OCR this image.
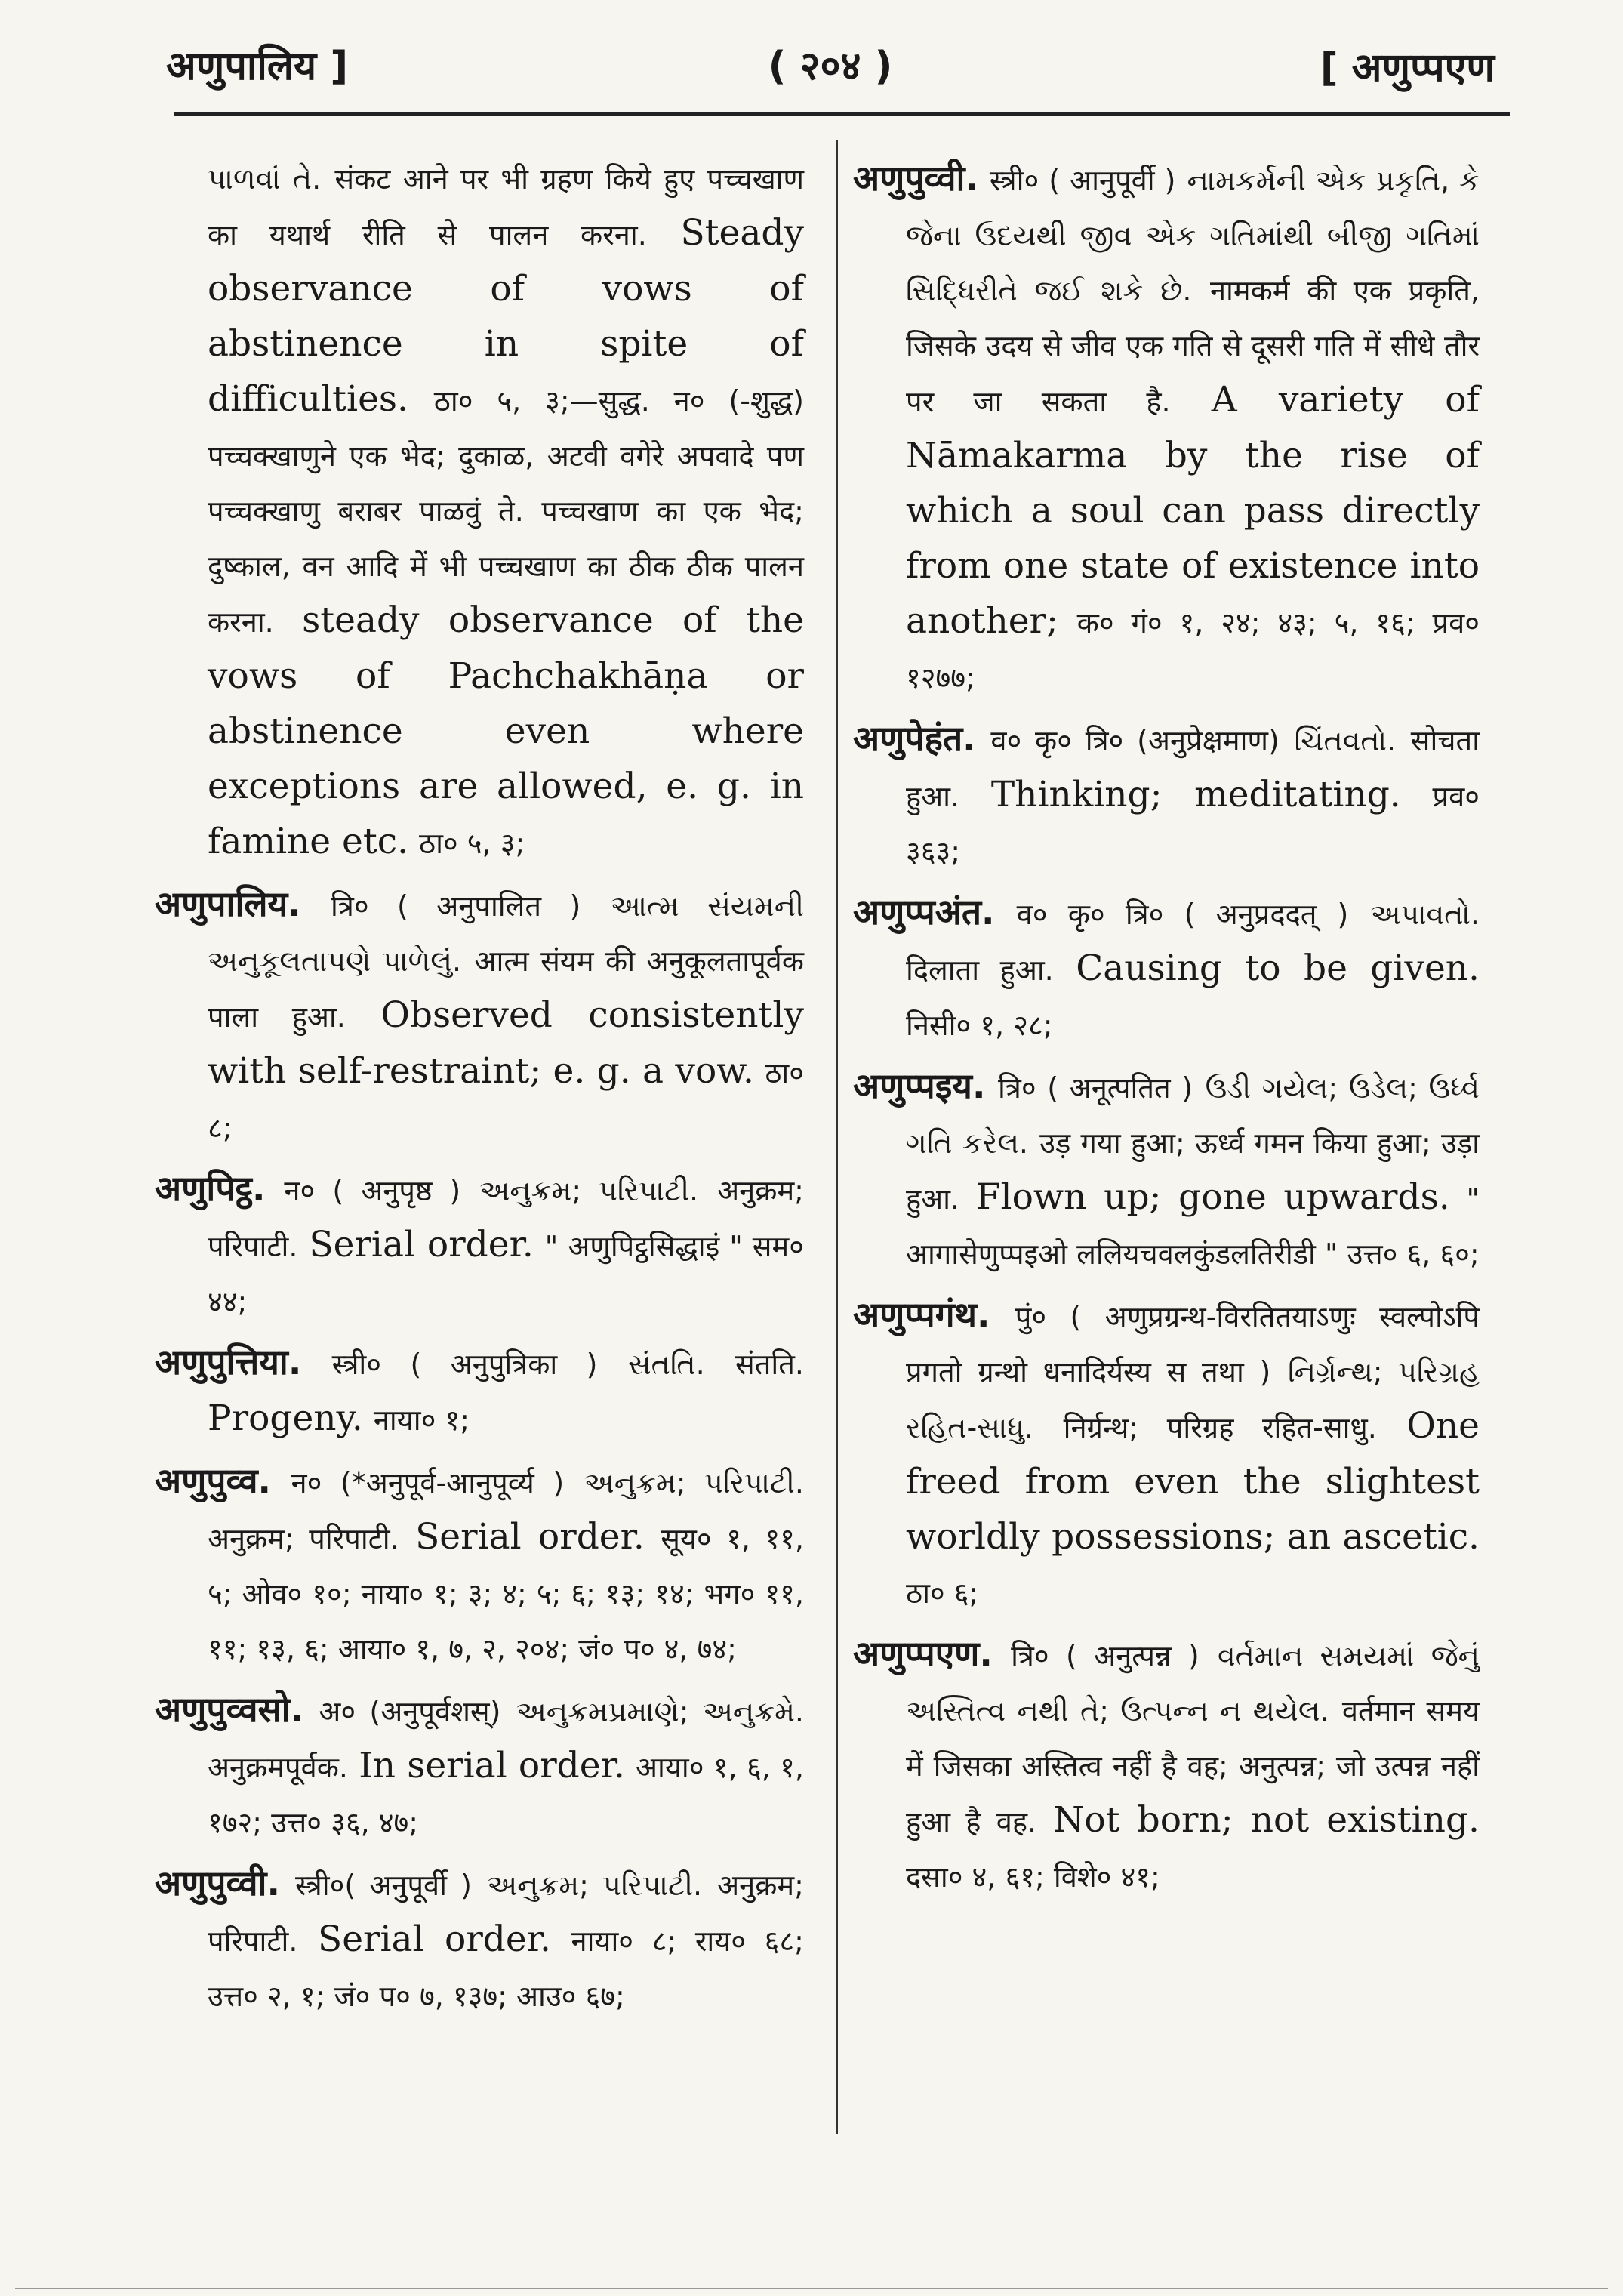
अणुपालिय ]	( २०४ )	[ अणुप्पएण
પાળવાં તે. संकट आने पर भी ग्रहण किये हुए पच्चखाण का यथार्थ रीति से पालन करना. Steady observance of vows of abstinence in spite of difficulties. ठा० ५, ३;—सुद्ध. न० (-शुद्ध) पच्चक्खाणुने एक भेद; दुकाळ, अटवी वगेरे अपवादे पण पच्चक्खाणु बराबर पाळवुं ते. पच्चखाण का एक भेद; दुष्काल, वन आदि में भी पच्चखाण का ठीक ठीक पालन करना. steady observance of the vows of Pachchakhāṇa or abstinence even where exceptions are allowed, e. g. in famine etc. ठा० ५, ३;
अणुपालिय. त्रि० ( अनुपालित ) આત્મ સંયમની અનુકૂલતાપણે પાળેલું. आत्म संयम की अनुकूलतापूर्वक पाला हुआ. Observed consistently with self-restraint; e. g. a vow. ठा० ८;
अणुपिट्ठ. न० ( अनुपृष्ठ ) અનુક્રમ; પરિપાટી. अनुक्रम; परिपाटी. Serial order. " अणुपिट्ठसिद्धाइं " सम० ४४;
अणुपुत्तिया. स्त्री० ( अनुपुत्रिका ) સંતતિ. संतति. Progeny. नाया० १;
अणुपुव्व. न० (*अनुपूर्व-आनुपूर्व्य ) અનુક્રમ; પરિપાટી. अनुक्रम; परिपाटी. Serial order. सूय० १, ११, ५; ओव० १०; नाया० १; ३; ४; ५; ६; १३; १४; भग० ११, ११; १३, ६; आया० १, ७, २, २०४; जं० प० ४, ७४;
अणुपुव्वसो. अ० (अनुपूर्वशस्) અનુક્રમપ્રમાણે; અનુક્રમે. अनुक्रमपूर्वक. In serial order. आया० १, ६, १, १७२; उत्त० ३६, ४७;
अणुपुव्वी. स्त्री०( अनुपूर्वी ) અનુક્રમ; પરિપાટી. अनुक्रम; परिपाटी. Serial order. नाया० ८; राय० ६८; उत्त० २, १; जं० प० ७, १३७; आउ० ६७;
अणुपुव्वी. स्त्री० ( आनुपूर्वी ) નામકર્મની એક પ્રકૃતિ, કે જેના ઉદયથી જીવ એક ગતિમાંથી બીજી ગતિમાં સિદ્ધિરીતે જઈ શકે છે. नामकर्म की एक प्रकृति, जिसके उदय से जीव एक गति से दूसरी गति में सीधे तौर पर जा सकता है. A variety of Nāmakarma by the rise of which a soul can pass directly from one state of existence into another; क० गं० १, २४; ४३; ५, १६; प्रव० १२७७;
अणुपेहंत. व० कृ० त्रि० (अनुप्रेक्षमाण) ચિંતવતો. सोचता हुआ. Thinking; meditating. प्रव० ३६३;
अणुप्पअंत. व० कृ० त्रि० ( अनुप्रददत् ) અપાવતો. दिलाता हुआ. Causing to be given. निसी० १, २८;
अणुप्पइय. त्रि० ( अनूत्पतित ) ઉડી ગયેલ; ઉડેલ; ઉર્ધ્વ ગતિ કરેલ. उड़ गया हुआ; ऊर्ध्व गमन किया हुआ; उड़ा हुआ. Flown up; gone upwards. " आगासेणुप्पइओ ललियचवलकुंडलतिरीडी " उत्त० ६, ६०;
अणुप्पगंथ. पुं० ( अणुप्रग्रन्थ-विरतितयाऽणुः स्वल्पोऽपि प्रगतो ग्रन्थो धनादिर्यस्य स तथा ) નિર્ગ્રન્થ; પરિગ્રહ રહિત-સાધુ. निर्ग्रन्थ; परिग्रह रहित-साधु. One freed from even the slightest worldly possessions; an ascetic. ठा० ६;
अणुप्पएण. त्रि० ( अनुत्पन्न ) વર્તમાન સમયમાં જેનું અસ્તિત્વ નથી તે; ઉત્પન્ન ન થયેલ. वर्तमान समय में जिसका अस्तित्व नहीं है वह; अनुत्पन्न; जो उत्पन्न नहीं हुआ है वह. Not born; not existing. दसा० ४, ६१; विशे० ४१;
